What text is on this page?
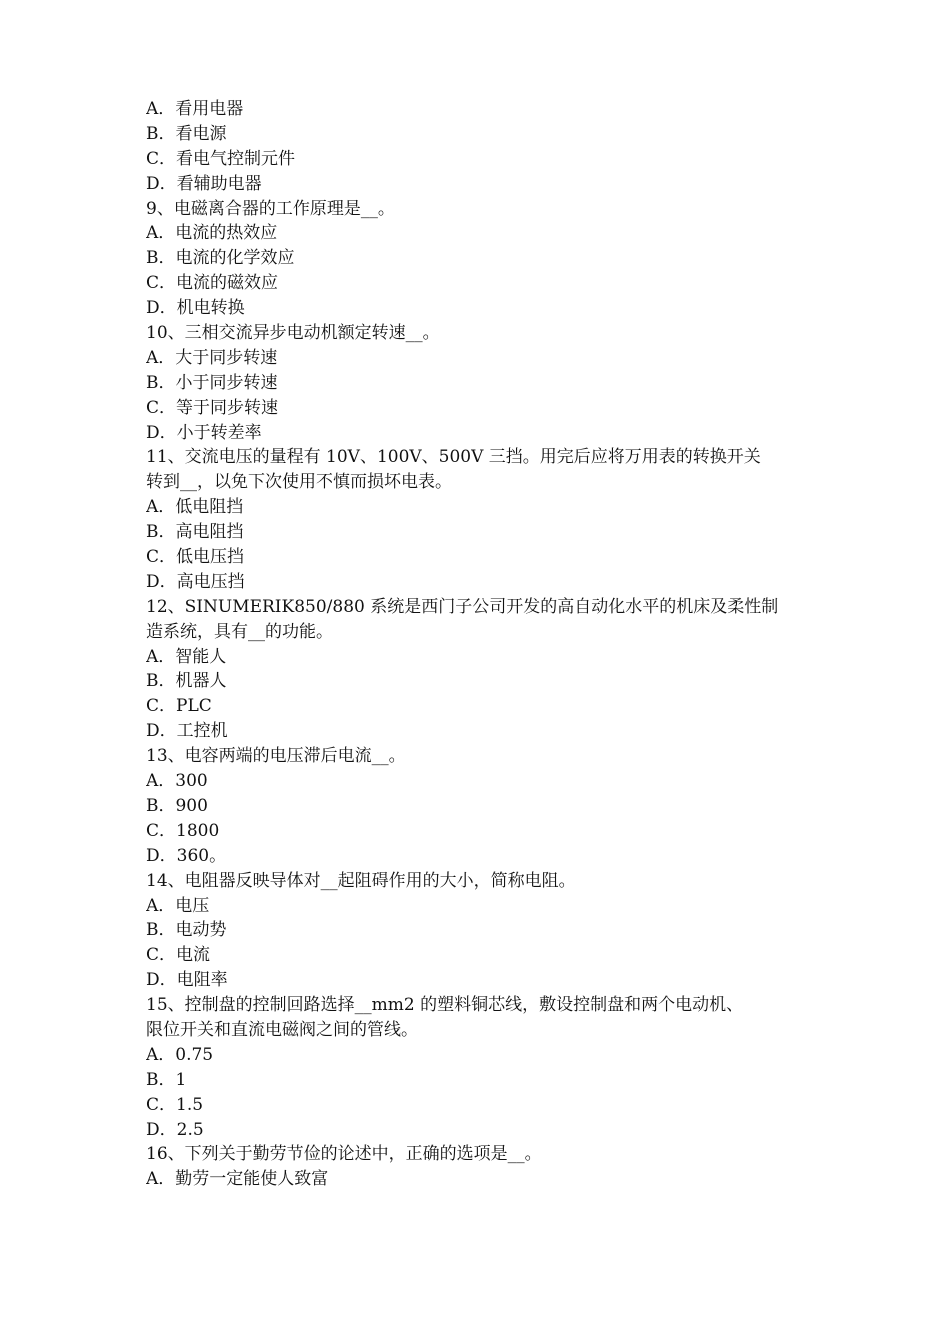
A．看用电器
B．看电源
C．看电气控制元件
D．看辅助电器
9、电磁离合器的工作原理是__。
A．电流的热效应
B．电流的化学效应
C．电流的磁效应
D．机电转换
10、三相交流异步电动机额定转速__。
A．大于同步转速
B．小于同步转速
C．等于同步转速
D．小于转差率
11、交流电压的量程有 10V、100V、500V 三挡。用完后应将万用表的转换开关
转到__，以免下次使用不慎而损坏电表。
A．低电阻挡
B．高电阻挡
C．低电压挡
D．高电压挡
12、SINUMERIK850/880 系统是西门子公司开发的高自动化水平的机床及柔性制
造系统，具有__的功能。
A．智能人
B．机器人
C．PLC
D．工控机
13、电容两端的电压滞后电流__。
A．300
B．900
C．1800
D．360。
14、电阻器反映导体对__起阻碍作用的大小，简称电阻。
A．电压
B．电动势
C．电流
D．电阻率
15、控制盘的控制回路选择__mm2 的塑料铜芯线，敷设控制盘和两个电动机、
限位开关和直流电磁阀之间的管线。
A．0.75
B．1
C．1.5
D．2.5
16、下列关于勤劳节俭的论述中，正确的选项是__。
A．勤劳一定能使人致富
